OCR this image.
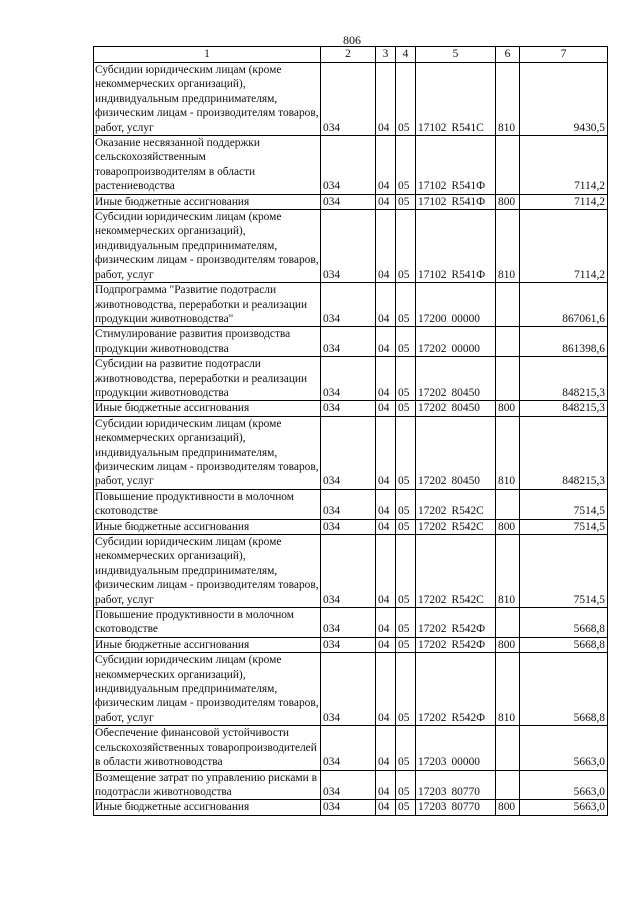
806
1	2	3	4	5	6	7
Субсидии юридическим лицам (кроме некоммерческих организаций), индивидуальным предпринимателям, физическим лицам - производителям товаров, работ, услуг	034	04	05	17102 R541С	810	9430,5
Оказание несвязанной поддержки сельскохозяйственным товаропроизводителям в области растениеводства	034	04	05	17102 R541Ф		7114,2
Иные бюджетные ассигнования	034	04	05	17102 R541Ф	800	7114,2
Субсидии юридическим лицам (кроме некоммерческих организаций), индивидуальным предпринимателям, физическим лицам - производителям товаров, работ, услуг	034	04	05	17102 R541Ф	810	7114,2
Подпрограмма "Развитие подотрасли животноводства, переработки и реализации продукции животноводства"	034	04	05	17200 00000		867061,6
Стимулирование развития производства продукции животноводства	034	04	05	17202 00000		861398,6
Субсидии на развитие подотрасли животноводства, переработки и реализации продукции животноводства	034	04	05	17202 80450		848215,3
Иные бюджетные ассигнования	034	04	05	17202 80450	800	848215,3
Субсидии юридическим лицам (кроме некоммерческих организаций), индивидуальным предпринимателям, физическим лицам - производителям товаров, работ, услуг	034	04	05	17202 80450	810	848215,3
Повышение продуктивности в молочном скотоводстве	034	04	05	17202 R542С		7514,5
Иные бюджетные ассигнования	034	04	05	17202 R542С	800	7514,5
Субсидии юридическим лицам (кроме некоммерческих организаций), индивидуальным предпринимателям, физическим лицам - производителям товаров, работ, услуг	034	04	05	17202 R542С	810	7514,5
Повышение продуктивности в молочном скотоводстве	034	04	05	17202 R542Ф		5668,8
Иные бюджетные ассигнования	034	04	05	17202 R542Ф	800	5668,8
Субсидии юридическим лицам (кроме некоммерческих организаций), индивидуальным предпринимателям, физическим лицам - производителям товаров, работ, услуг	034	04	05	17202 R542Ф	810	5668,8
Обеспечение финансовой устойчивости сельскохозяйственных товаропроизводителей в области животноводства	034	04	05	17203 00000		5663,0
Возмещение затрат по управлению рисками в подотрасли животноводства	034	04	05	17203 80770		5663,0
Иные бюджетные ассигнования	034	04	05	17203 80770	800	5663,0
